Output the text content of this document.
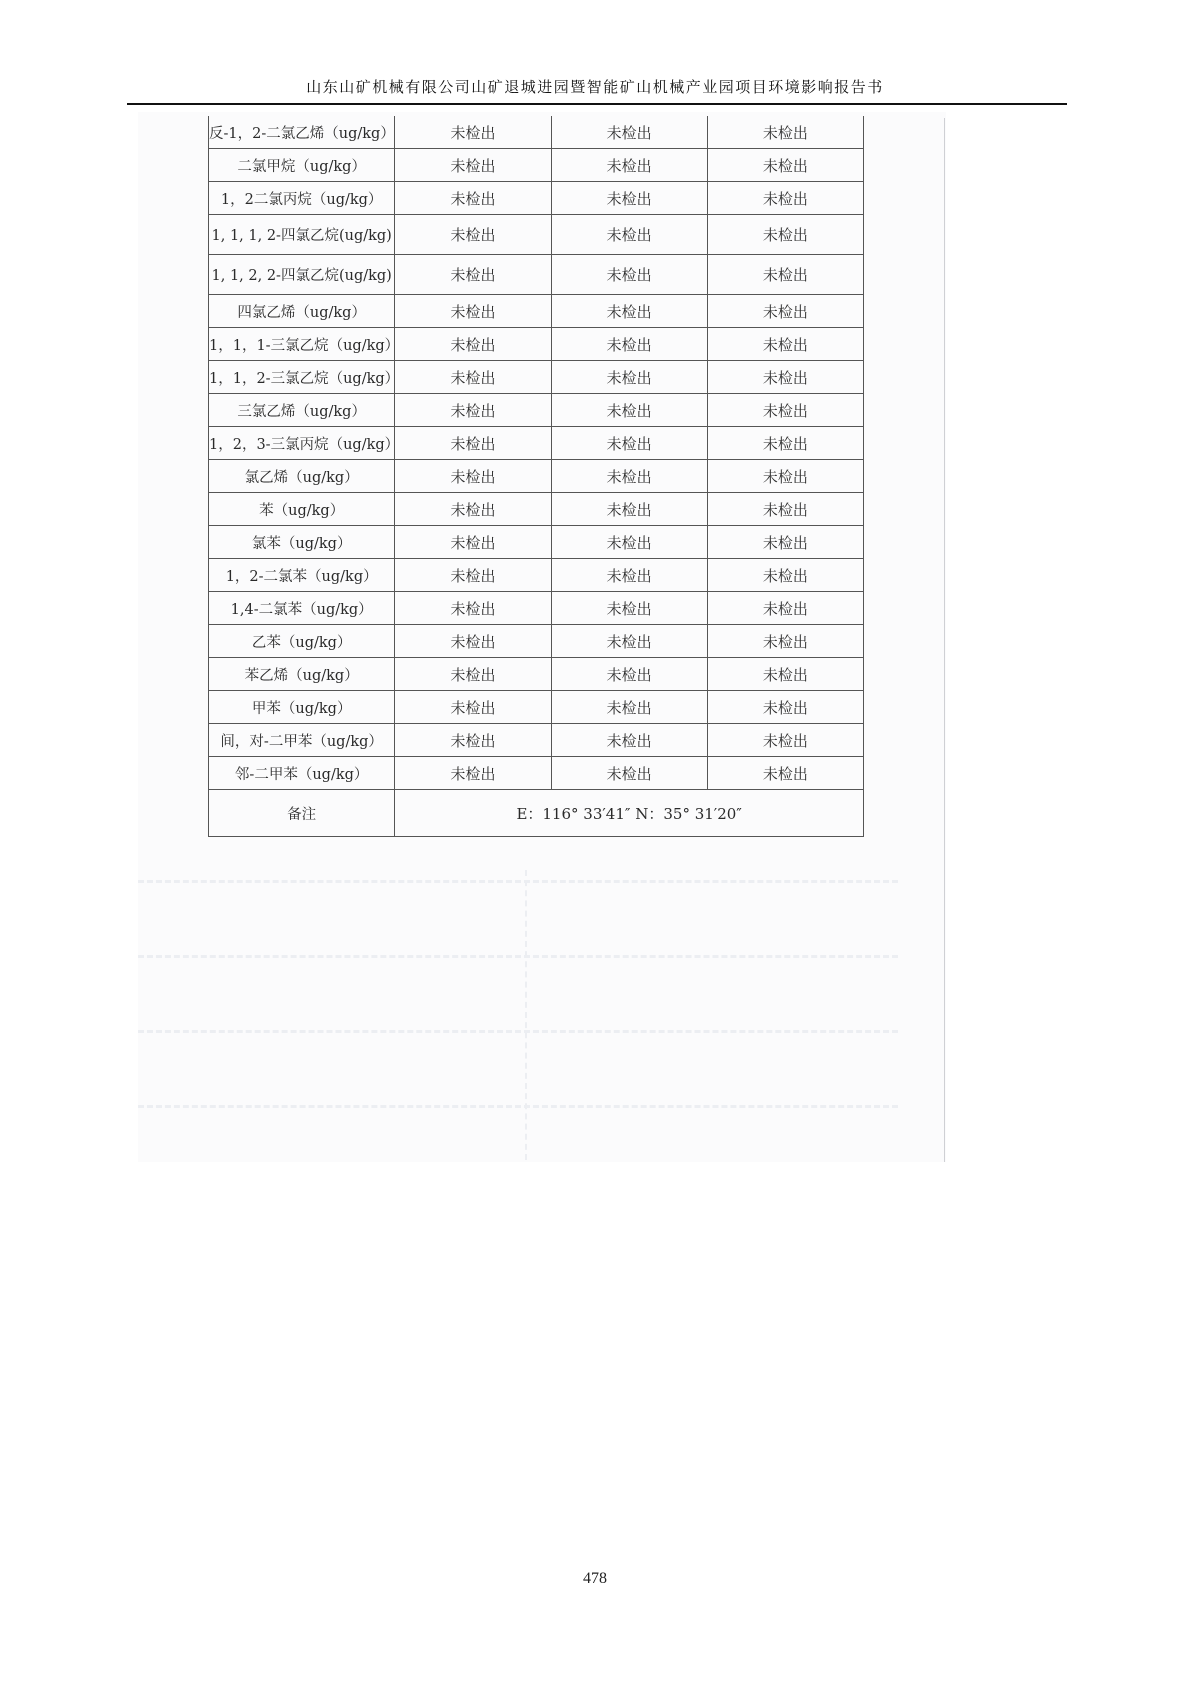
山东山矿机械有限公司山矿退城进园暨智能矿山机械产业园项目环境影响报告书
反-1，2-二氯乙烯（ug/kg）	未检出	未检出	未检出
二氯甲烷（ug/kg）	未检出	未检出	未检出
1，2二氯丙烷（ug/kg）	未检出	未检出	未检出
1, 1, 1, 2-四氯乙烷(ug/kg)	未检出	未检出	未检出
1, 1, 2, 2-四氯乙烷(ug/kg)	未检出	未检出	未检出
四氯乙烯（ug/kg）	未检出	未检出	未检出
1，1，1-三氯乙烷（ug/kg）	未检出	未检出	未检出
1，1，2-三氯乙烷（ug/kg）	未检出	未检出	未检出
三氯乙烯（ug/kg）	未检出	未检出	未检出
1，2，3-三氯丙烷（ug/kg）	未检出	未检出	未检出
氯乙烯（ug/kg）	未检出	未检出	未检出
苯（ug/kg）	未检出	未检出	未检出
氯苯（ug/kg）	未检出	未检出	未检出
1，2-二氯苯（ug/kg）	未检出	未检出	未检出
1,4-二氯苯（ug/kg）	未检出	未检出	未检出
乙苯（ug/kg）	未检出	未检出	未检出
苯乙烯（ug/kg）	未检出	未检出	未检出
甲苯（ug/kg）	未检出	未检出	未检出
间，对-二甲苯（ug/kg）	未检出	未检出	未检出
邻-二甲苯（ug/kg）	未检出	未检出	未检出
备注	E：116° 33′41″ N：35° 31′20″		
478
